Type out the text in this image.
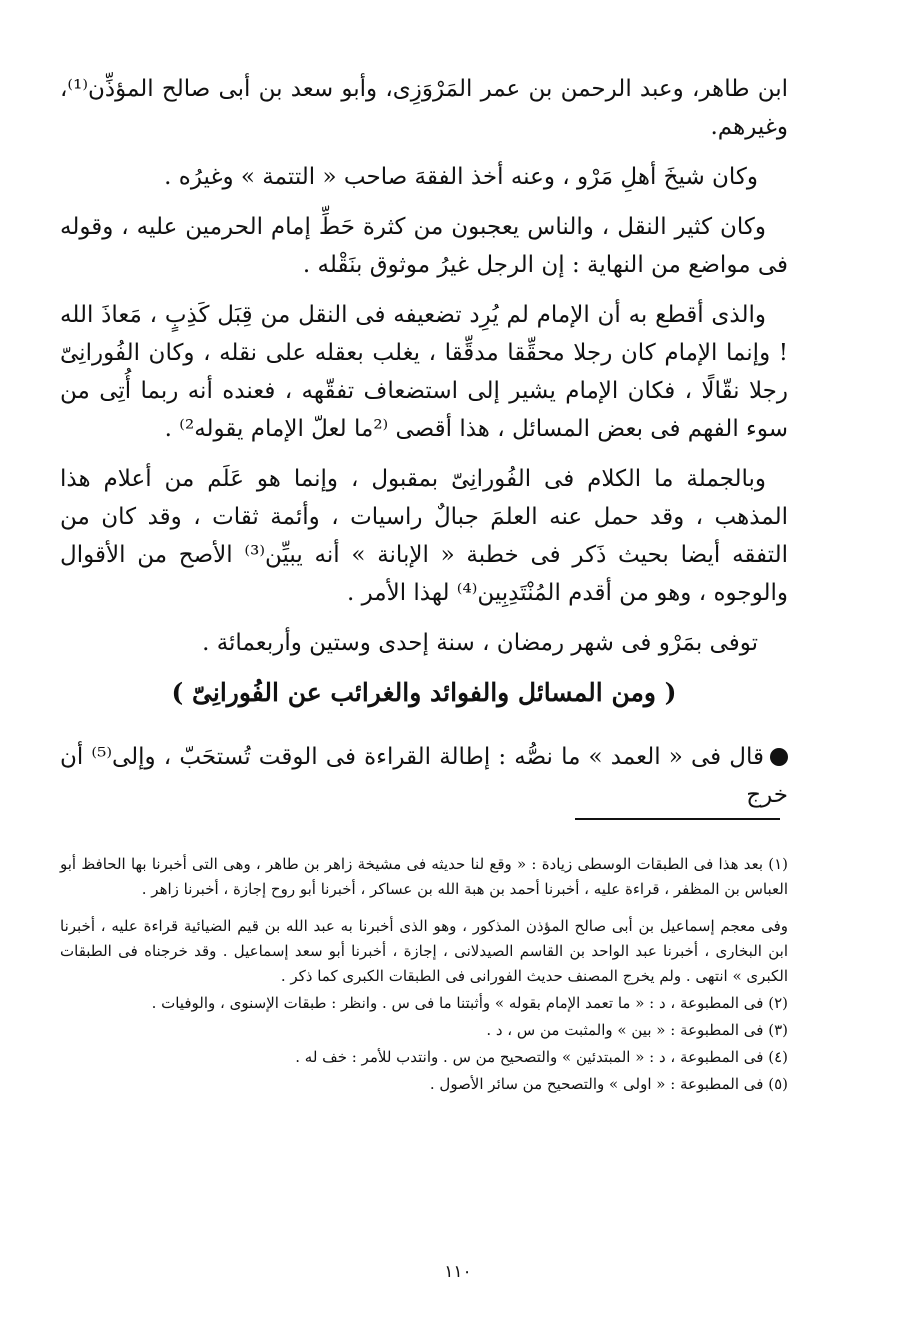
ابن طاهر، وعبد الرحمن بن عمر المَرْوَزِى، وأبو سعد بن أبى صالح المؤذِّن⁽¹⁾، وغيرهم.

وكان شيخَ أهلِ مَرْو ، وعنه أخذ الفقهَ صاحب « التتمة » وغيرُه .

وكان كثير النقل ، والناس يعجبون من كثرة حَطِّ إمام الحرمين عليه ، وقوله فى مواضع من النهاية : إن الرجل غيرُ موثوق بنَقْله .

والذى أقطع به أن الإمام لم يُرِد تضعيفه فى النقل من قِبَل كَذِبٍ ، مَعاذَ الله ! وإنما الإمام كان رجلا محقِّقا مدقِّقا ، يغلب بعقله على نقله ، وكان الفُورانِىّ رجلا نقّالًا ، فكان الإمام يشير إلى استضعاف تفقّهه ، فعنده أنه ربما أُتِى من سوء الفهم فى بعض المسائل ، هذا أقصى ⁽²ما لعلّ الإمام يقوله²⁾ .

وبالجملة ما الكلام فى الفُورانِىّ بمقبول ، وإنما هو عَلَم من أعلام هذا المذهب ، وقد حمل عنه العلمَ جبالٌ راسيات ، وأئمة ثقات ، وقد كان من التفقه أيضا بحيث ذَكر فى خطبة « الإبانة » أنه يبيِّن⁽³⁾ الأصح من الأقوال والوجوه ، وهو من أقدم المُنْتَدِبِين⁽⁴⁾ لهذا الأمر .

توفى بمَرْو فى شهر رمضان ، سنة إحدى وستين وأربعمائة .

( ومن المسائل والفوائد والغرائب عن الفُورانِىّ )

قال فى « العمد » ما نصُّه : إطالة القراءة فى الوقت تُستحَبّ ، وإلى⁽⁵⁾ أن خرج

(١) بعد هذا فى الطبقات الوسطى زيادة : « وقع لنا حديثه فى مشيخة زاهر بن طاهر ، وهى التى أخبرنا بها الحافظ أبو العباس بن المظفر ، قراءة عليه ، أخبرنا أحمد بن هبة الله بن عساكر ، أخبرنا أبو روح إجازة ، أخبرنا زاهر .

وفى معجم إسماعيل بن أبى صالح المؤذن المذكور ، وهو الذى أخبرنا به عبد الله بن قيم الضيائية قراءة عليه ، أخبرنا ابن البخارى ، أخبرنا عبد الواحد بن القاسم الصيدلانى ، إجازة ، أخبرنا أبو سعد إسماعيل . وقد خرجناه فى الطبقات الكبرى » انتهى . ولم يخرج المصنف حديث الفورانى فى الطبقات الكبرى كما ذكر .

(٢) فى المطبوعة ، د : « ما تعمد الإمام بقوله » وأثبتنا ما فى س . وانظر : طبقات الإسنوى ، والوفيات .

(٣) فى المطبوعة : « بين » والمثبت من س ، د .

(٤) فى المطبوعة ، د : « المبتدئين » والتصحيح من س . وانتدب للأمر : خف له .

(٥) فى المطبوعة : « اولى » والتصحيح من سائر الأصول .

١١٠
